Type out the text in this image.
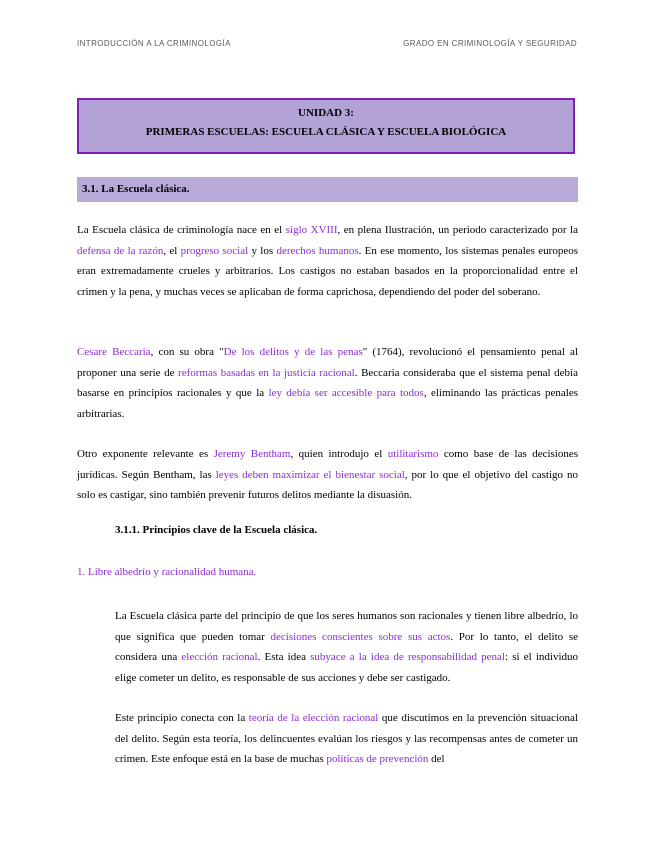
INTRODUCCIÓN A LA CRIMINOLOGÍA	GRADO EN CRIMINOLOGÍA Y SEGURIDAD
UNIDAD 3:
PRIMERAS ESCUELAS: ESCUELA CLÁSICA Y ESCUELA BIOLÓGICA
3.1. La Escuela clásica.

La Escuela clásica de criminología nace en el siglo XVIII, en plena Ilustración, un periodo caracterizado por la defensa de la razón, el progreso social y los derechos humanos. En ese momento, los sistemas penales europeos eran extremadamente crueles y arbitrarios. Los castigos no estaban basados en la proporcionalidad entre el crimen y la pena, y muchas veces se aplicaban de forma caprichosa, dependiendo del poder del soberano.

Cesare Beccaria, con su obra "De los delitos y de las penas" (1764), revolucionó el pensamiento penal al proponer una serie de reformas basadas en la justicia racional. Beccaria consideraba que el sistema penal debía basarse en principios racionales y que la ley debía ser accesible para todos, eliminando las prácticas penales arbitrarias.

Otro exponente relevante es Jeremy Bentham, quien introdujo el utilitarismo como base de las decisiones jurídicas. Según Bentham, las leyes deben maximizar el bienestar social, por lo que el objetivo del castigo no solo es castigar, sino también prevenir futuros delitos mediante la disuasión.

3.1.1. Principios clave de la Escuela clásica.
1. Libre albedrío y racionalidad humana.

La Escuela clásica parte del principio de que los seres humanos son racionales y tienen libre albedrío, lo que significa que pueden tomar decisiones conscientes sobre sus actos. Por lo tanto, el delito se considera una elección racional. Esta idea subyace a la idea de responsabilidad penal: si el individuo elige cometer un delito, es responsable de sus acciones y debe ser castigado.

Este principio conecta con la teoría de la elección racional que discutimos en la prevención situacional del delito. Según esta teoría, los delincuentes evalúan los riesgos y las recompensas antes de cometer un crimen. Este enfoque está en la base de muchas políticas de prevención del
